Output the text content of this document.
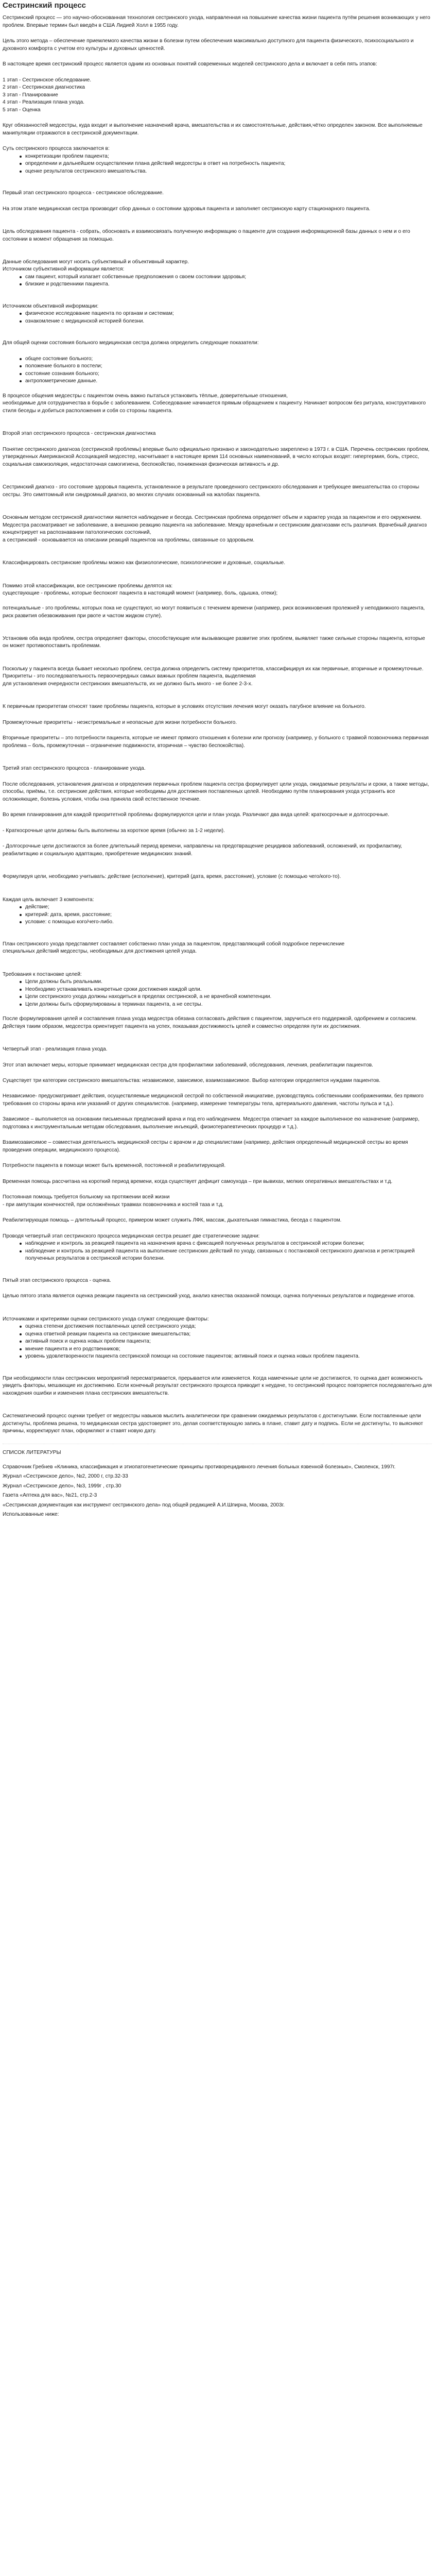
Сестринский процесс
Сестринский процесс — это научно-обоснованная технология сестринского ухода, направленная на повышение качества жизни пациента путём решения возникающих у него проблем. Впервые термин был введён в США Лидией Холл в 1955 году.
Цель этого метода – обеспечение приемлемого качества жизни в болезни путем обеспечения максимально доступного для пациента физического, психосоциального и духовного комфорта с учетом его культуры и духовных ценностей.
В настоящее время сестринский процесс является одним из основных понятий современных моделей сестринского дела и включает в себя пять этапов:
1 этап - Сестринское обследование.
2 этап - Сестринская диагностика
3 этап - Планирование
4 этап - Реализация плана ухода.
5 этап - Оценка
Круг обязанностей медсестры, куда входит и выполнение назначений врача, вмешательства и их самостоятельные, действия,чётко определен законом. Все выполняемые манипуляции отражаются в сестринской документации.
Суть сестринского процесса заключается в:
конкретизации проблем пациента;
определении и дальнейшем осуществлении плана действий медсестры в ответ на потребность пациента;
оценке результатов сестринского вмешательства.
Первый этап сестринского процесса - сестринское обследование.
На этом этапе медицинская сестра производит сбор данных о состоянии здоровья пациента и заполняет сестринскую карту стационарного пациента.
Цель обследования пациента - собрать, обосновать и взаимосвязать полученную информацию о пациенте для создания информационной базы данных о нем и о его состоянии в момент обращения за помощью.
Данные обследования могут носить субъективный и объективный характер.
Источником субъективной информации является:
сам пациент, который излагает собственные предположения о своем состоянии здоровья;
близкие и родственники пациента.
Источником объективной информации:
физическое исследование пациента по органам и системам;
ознакомление с медицинской историей болезни.
Для общей оценки состояния больного медицинская сестра должна определить следующие показатели:
общее состояние больного;
положение больного в постели;
состояние сознания больного;
антропометрические данные.
В процессе общения медсестры с пациентом очень важно пытаться установить тёплые, доверительные отношения,
необходимые для сотрудничества в борьбе с заболеванием. Собеседование начинается прямым обращением к пациенту. Начинает вопросом без ритуала, конструктивного стиля беседы и добиться расположения и собя со стороны пациента.
Второй этап сестринского процесса - сестринская диагностика
Понятие сестринского диагноза (сестринской проблемы) впервые было официально признано и законодательно закреплено в 1973 г. в США. Перечень сестринских проблем, утвержденных Американской Ассоциацией медсестер, насчитывает в настоящее время 114 основных наименований, в число которых входят: гипертермия, боль, стресс, социальная самоизоляция, недостаточная самогигиена, беспокойство, пониженная физическая активность и др.
Сестринский диагноз - это состояние здоровья пациента, установленное в результате проведенного сестринского обследования и требующее вмешательства со стороны сестры. Это симптомный или синдромный диагноз, во многих случаях основанный на жалобах пациента.
Основным методом сестринской диагностики является наблюдение и беседа. Сестринская проблема определяет объем и характер ухода за пациентом и его окружением. Медсестра рассматривает не заболевание, а внешнюю реакцию пациента на заболевание. Между врачебным и сестринским диагнозами есть различия. Врачебный диагноз концентрирует на распознавании патологических состояний,
а сестринский - основывается на описании реакций пациентов на проблемы, связанные со здоровьем.
Классифицировать сестринские проблемы можно как физиологические, психологические и духовные, социальные.
Помимо этой классификации, все сестринские проблемы делятся на:
существующие - проблемы, которые беспокоят пациента в настоящий момент (например, боль, одышка, отеки);

потенциальные - это проблемы, которых пока не существуют, но могут появиться с течением времени (например, риск возникновения пролежней у неподвижного пациента, риск развития обезвоживания при рвоте и частом жидком стуле).
Установив оба вида проблем, сестра определяет факторы, способствующие или вызывающие развитие этих проблем, выявляет также сильные стороны пациента, которые он может противопоставить проблемам.
Поскольку у пациента всегда бывает несколько проблем, сестра должна определить систему приоритетов, классифицируя их как первичные, вторичные и промежуточные. Приоритеты - это последовательность первоочередных самых важных проблем пациента, выделяемая
для установления очередности сестринских вмешательств, их не должно быть много - не более 2-3-х.
К первичным приоритетам относят такие проблемы пациента, которые в условиях отсутствия лечения могут оказать пагубное влияние на больного.
Промежуточные приоритеты - неэкстремальные и неопасные для жизни потребности больного.
Вторичные приоритеты – это потребности пациента, которые не имеют прямого отношения к болезни или прогнозу (например, у больного с травмой позвоночника первичная проблема – боль, промежуточная – ограничение подвижности, вторичная – чувство беспокойства).
Третий этап сестринского процесса - планирование ухода.
После обследования, установления диагноза и определения первичных проблем пациента сестра формулирует цели ухода, ожидаемые результаты и сроки, а также методы, способы, приёмы, т.е. сестринские действия, которые необходимы для достижения поставленных целей. Необходимо путём планирования ухода устранить все осложняющие, болезнь условия, чтобы она приняла свой естественное течение.
Во время планирования для каждой приоритетной проблемы формулируются цели и план ухода. Различают два вида целей: краткосрочные и долгосрочные.
- Краткосрочные цели должны быть выполнены за короткое время (обычно за 1-2 недели).
- Долгосрочные цели достигаются за более длительный период времени, направлены на предотвращение рецидивов заболеваний, осложнений, их профилактику, реабилитацию и социальную адаптацию, приобретение медицинских знаний.
Формулируя цели, необходимо учитывать: действие (исполнение), критерий (дата, время, расстояние), условие (с помощью чего/кого-то).
Каждая цель включает 3 компонента:
действие;
критерий: дата, время, расстояние;
условие: с помощью кого/чего-либо.
План сестринского ухода представляет составляет собственно план ухода за пациентом, представляющий собой подробное перечисление
специальных действий медсестры, необходимых для достижения целей ухода.
Требования к постановке целей:
Цели должны быть реальными.
Необходимо устанавливать конкретные сроки достижения каждой цели.
Цели сестринского ухода должны находиться в пределах сестринской, а не врачебной компетенции.
Цели должны быть сформулированы в терминах пациента, а не сестры.
После формулирования целей и составления плана ухода медсестра обязана согласовать действия с пациентом, заручиться его поддержкой, одобрением и согласием. Действуя таким образом, медсестра ориентирует пациента на успех, показывая достижимость целей и совместно определяя пути их достижения.
Четвертый этап - реализация плана ухода.
Этот этап включает меры, которые принимает медицинская сестра для профилактики заболеваний, обследования, лечения, реабилитации пациентов.
Существует три категории сестринского вмешательства: независимое, зависимое, взаимозависимое. Выбор категории определяется нуждами пациентов.
Независимое- предусматривает действия, осуществляемые медицинской сестрой по собственной инициативе, руководствуясь собственными соображениями, без прямого требования со стороны врача или указаний от других специалистов. (например, измерение температуры тела, артериального давления, частоты пульса и т.д.).
Зависимое – выполняется на основании письменных предписаний врача и под его наблюдением. Медсестра отвечает за каждое выполненное ею назначение (например, подготовка к инструментальным методам обследования, выполнение инъекций, физиотерапевтических процедур и т.д.).
Взаимозависимое – совместная деятельность медицинской сестры с врачом и др специалистами (например, действия определенный медицинской сестры во время проведения операции, медицинского процесса).
Потребности пациента в помощи может быть временной, постоянной и реабилитирующей.
Временная помощь рассчитана на короткий период времени, когда существует дефицит самоухода – при вывихах, мелких оперативных вмешательствах и т.д.
Постоянная помощь требуется больному на протяжении всей жизни
- при ампутации конечностей, при осложнённых травмах позвоночника и костей таза и т.д.
Реабилитирующая помощь – длительный процесс, примером может служить ЛФК, массаж, дыхательная гимнастика, беседа с пациентом.
Проводя четвертый этап сестринского процесса медицинская сестра решает две стратегические задачи:
наблюдение и контроль за реакцией пациента на назначения врача с фиксацией полученных результатов в сестринской истории болезни;
наблюдение и контроль за реакцией пациента на выполнение сестринских действий по уходу, связанных с постановкой сестринского диагноза и регистрацией полученных результатов в сестринской истории болезни.
Пятый этап сестринского процесса - оценка.
Целью пятого этапа является оценка реакции пациента на сестринский уход, анализ качества оказанной помощи, оценка полученных результатов и подведение итогов.
Источниками и критериями оценки сестринского ухода служат следующие факторы:
оценка степени достижения поставленных целей сестринского ухода;
оценка ответной реакции пациента на сестринские вмешательства;
активный поиск и оценка новых проблем пациента;
мнение пациента и его родственников;
уровень удовлетворенности пациента сестринской помощи на состояние пациентов; активный поиск и оценка новых проблем пациента.
При необходимости план сестринских мероприятий пересматривается, прерывается или изменяется. Когда намеченные цели не достигаются, то оценка дает возможность увидеть факторы, мешающие их достижению. Если конечный результат сестринского процесса приводит к неудаче, то сестринский процесс повторяется последовательно для нахождения ошибки и изменения плана сестринских вмешательств.
Систематический процесс оценки требует от медсестры навыков мыслить аналитически при сравнении ожидаемых результатов с достигнутыми. Если поставленные цели достигнуты, проблема решена, то медицинская сестра удостоверяет это, делая соответствующую запись в плане, ставит дату и подпись. Если не достигнуты, то выясняют причины, корректируют план, оформляют и ставят новую дату.
СПИСОК ЛИТЕРАТУРЫ
Справочник Гребнев «Клиника, классификация и этиопатогенетические принципы противорецидивного лечения больных язвенной болезнью», Смоленск, 1997г.
Журнал «Сестринское дело», №2, 2000 г, стр.32-33
Журнал «Сестринское дело», №3, 1999г , стр.30
Газета «Аптека для вас», №21, стр.2-3
«Сестринская документация как инструмент сестринского дела» под общей редакцией А.И.Шпирна, Москва, 2003г.
Использованные ниже:
